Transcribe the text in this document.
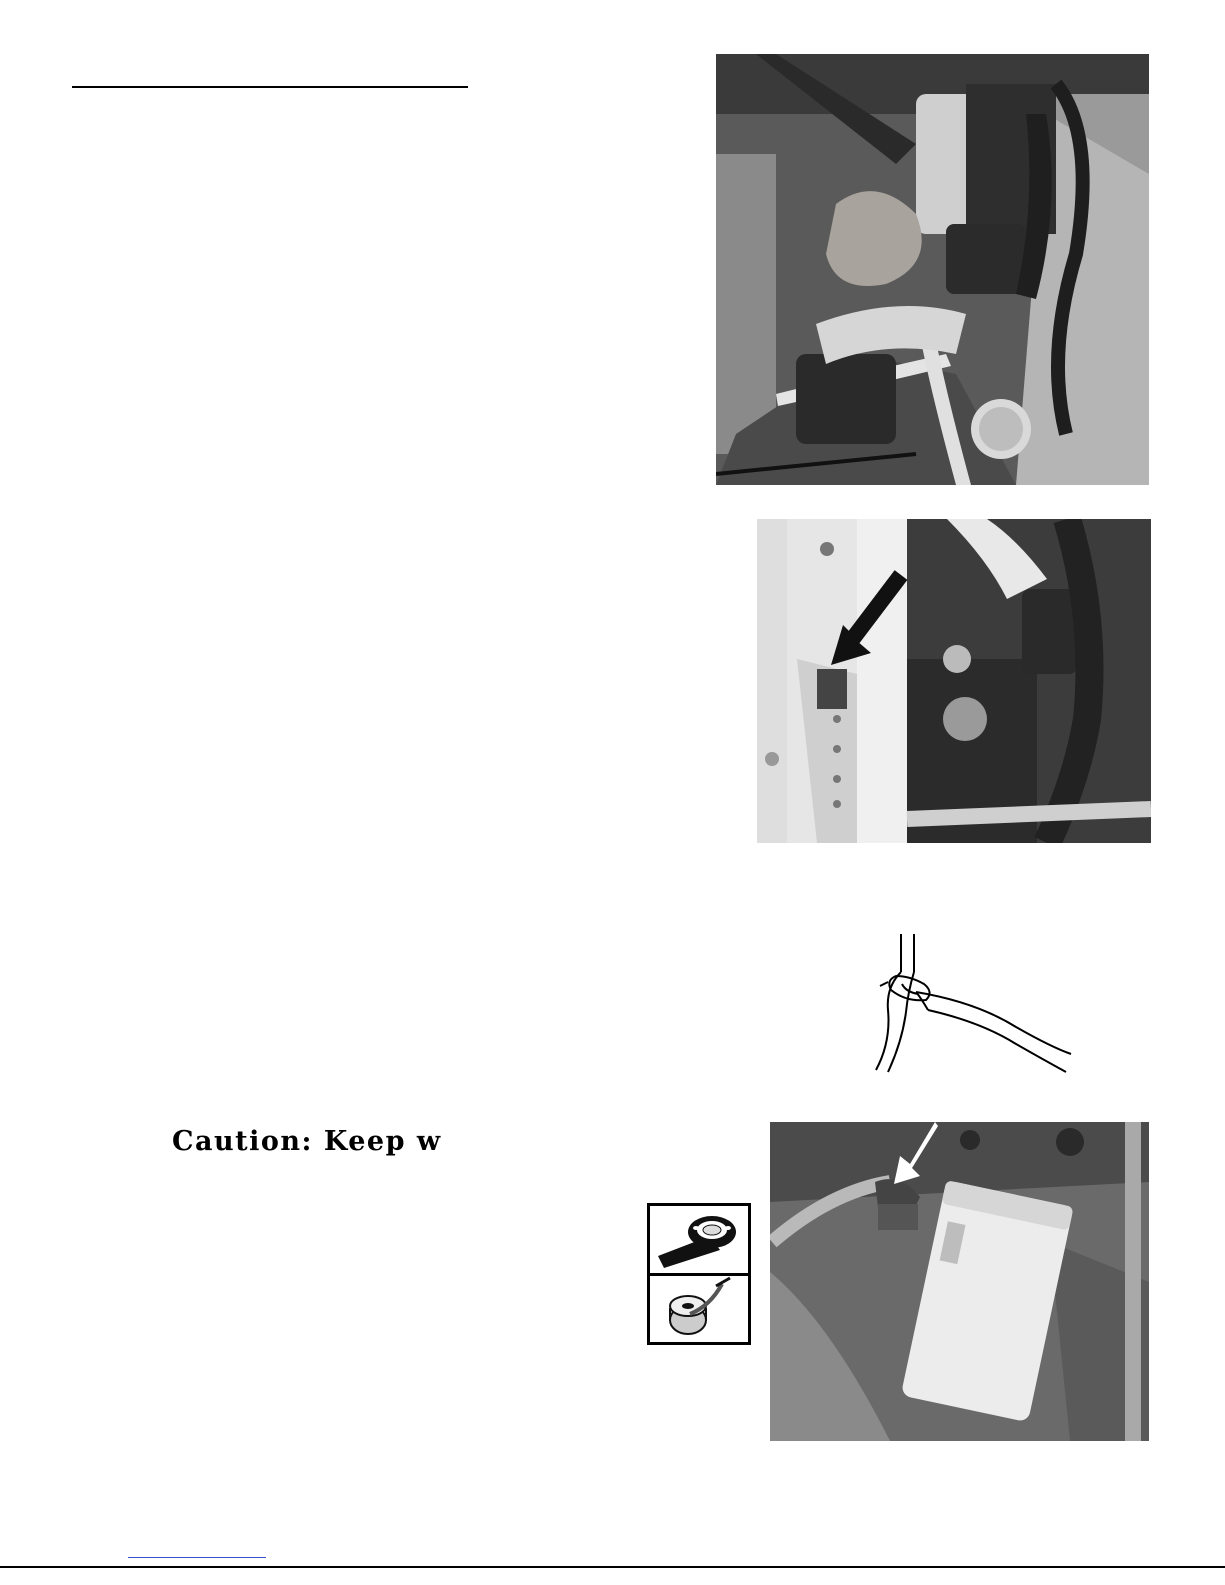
Caution: Keep w
